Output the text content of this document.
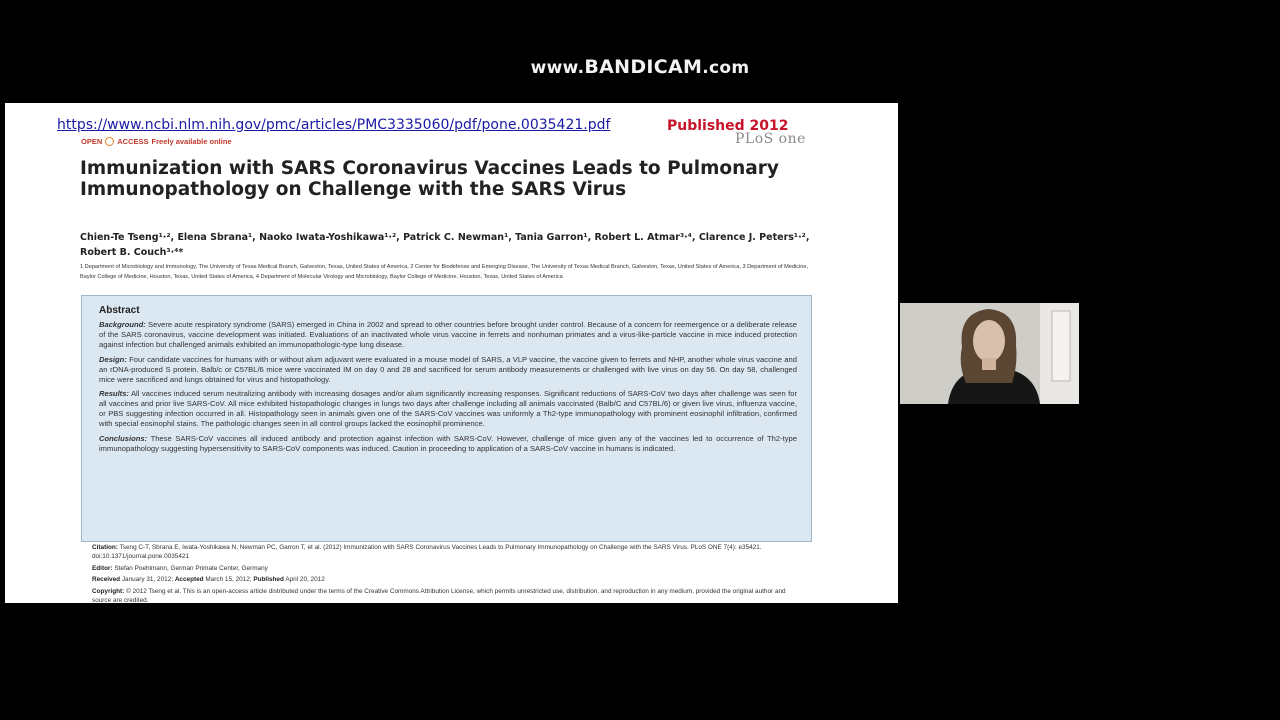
www.BANDICAM.com
https://www.ncbi.nlm.nih.gov/pmc/articles/PMC3335060/pdf/pone.0035421.pdf	Published 2012
PLoS one
OPEN ACCESS Freely available online
Immunization with SARS Coronavirus Vaccines Leads to Pulmonary Immunopathology on Challenge with the SARS Virus
Chien-Te Tseng¹·², Elena Sbrana¹, Naoko Iwata-Yoshikawa¹·², Patrick C. Newman¹, Tania Garron¹, Robert L. Atmar³·⁴, Clarence J. Peters¹·², Robert B. Couch³·⁴*
1 Department of Microbiology and Immunology, The University of Texas Medical Branch, Galveston, Texas, United States of America, 2 Center for Biodefense and Emerging Disease, The University of Texas Medical Branch, Galveston, Texas, United States of America, 3 Department of Medicine, Baylor College of Medicine, Houston, Texas, United States of America, 4 Department of Molecular Virology and Microbiology, Baylor College of Medicine, Houston, Texas, United States of America
Abstract
Background: Severe acute respiratory syndrome (SARS) emerged in China in 2002 and spread to other countries before brought under control. Because of a concern for reemergence or a deliberate release of the SARS coronavirus, vaccine development was initiated. Evaluations of an inactivated whole virus vaccine in ferrets and nonhuman primates and a virus-like-particle vaccine in mice induced protection against infection but challenged animals exhibited an immunopathologic-type lung disease.
Design: Four candidate vaccines for humans with or without alum adjuvant were evaluated in a mouse model of SARS, a VLP vaccine, the vaccine given to ferrets and NHP, another whole virus vaccine and an rDNA-produced S protein. Balb/c or C57BL/6 mice were vaccinated IM on day 0 and 28 and sacrificed for serum antibody measurements or challenged with live virus on day 56. On day 58, challenged mice were sacrificed and lungs obtained for virus and histopathology.
Results: All vaccines induced serum neutralizing antibody with increasing dosages and/or alum significantly increasing responses. Significant reductions of SARS-CoV two days after challenge was seen for all vaccines and prior live SARS-CoV. All mice exhibited histopathologic changes in lungs two days after challenge including all animals vaccinated (Balb/C and C57BL/6) or given live virus, influenza vaccine, or PBS suggesting infection occurred in all. Histopathology seen in animals given one of the SARS-CoV vaccines was uniformly a Th2-type immunopathology with prominent eosinophil infiltration, confirmed with special eosinophil stains. The pathologic changes seen in all control groups lacked the eosinophil prominence.
Conclusions: These SARS-CoV vaccines all induced antibody and protection against infection with SARS-CoV. However, challenge of mice given any of the vaccines led to occurrence of Th2-type immunopathology suggesting hypersensitivity to SARS-CoV components was induced. Caution in proceeding to application of a SARS-CoV vaccine in humans is indicated.

Citation: Tseng C-T, Sbrana E, Iwata-Yoshikawa N, Newman PC, Garron T, et al. (2012) Immunization with SARS Coronavirus Vaccines Leads to Pulmonary Immunopathology on Challenge with the SARS Virus. PLoS ONE 7(4): e35421. doi:10.1371/journal.pone.0035421

Editor: Stefan Poehlmann, German Primate Center, Germany

Received January 31, 2012; Accepted March 15, 2012; Published April 20, 2012

Copyright: © 2012 Tseng et al. This is an open-access article distributed under the terms of the Creative Commons Attribution License, which permits unrestricted use, distribution, and reproduction in any medium, provided the original author and source are credited.
